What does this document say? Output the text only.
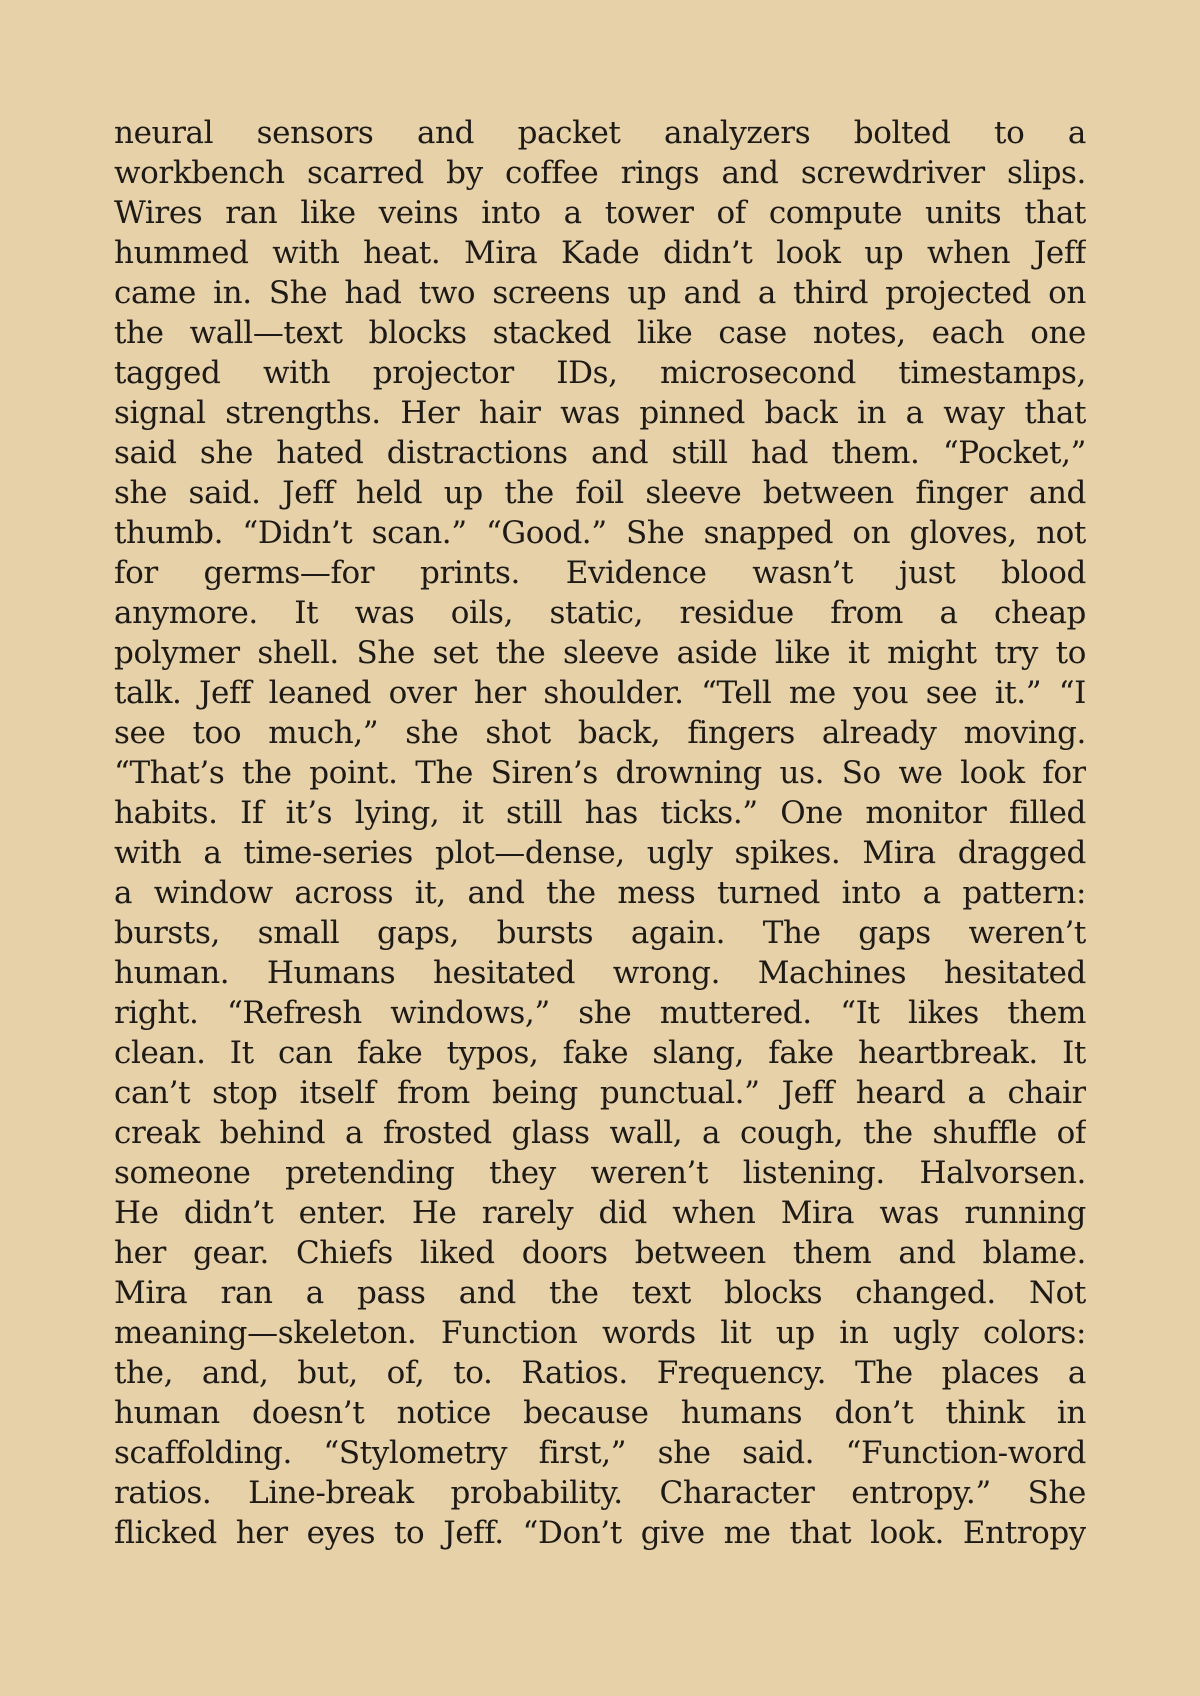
neural sensors and packet analyzers bolted to a
workbench scarred by coffee rings and screwdriver slips.
Wires ran like veins into a tower of compute units that
hummed with heat. Mira Kade didn’t look up when Jeff
came in. She had two screens up and a third projected on
the wall—text blocks stacked like case notes, each one
tagged with projector IDs, microsecond timestamps,
signal strengths. Her hair was pinned back in a way that
said she hated distractions and still had them. “Pocket,”
she said. Jeff held up the foil sleeve between finger and
thumb. “Didn’t scan.” “Good.” She snapped on gloves, not
for germs—for prints. Evidence wasn’t just blood
anymore. It was oils, static, residue from a cheap
polymer shell. She set the sleeve aside like it might try to
talk. Jeff leaned over her shoulder. “Tell me you see it.” “I
see too much,” she shot back, fingers already moving.
“That’s the point. The Siren’s drowning us. So we look for
habits. If it’s lying, it still has ticks.” One monitor filled
with a time-series plot—dense, ugly spikes. Mira dragged
a window across it, and the mess turned into a pattern:
bursts, small gaps, bursts again. The gaps weren’t
human. Humans hesitated wrong. Machines hesitated
right. “Refresh windows,” she muttered. “It likes them
clean. It can fake typos, fake slang, fake heartbreak. It
can’t stop itself from being punctual.” Jeff heard a chair
creak behind a frosted glass wall, a cough, the shuffle of
someone pretending they weren’t listening. Halvorsen.
He didn’t enter. He rarely did when Mira was running
her gear. Chiefs liked doors between them and blame.
Mira ran a pass and the text blocks changed. Not
meaning—skeleton. Function words lit up in ugly colors:
the, and, but, of, to. Ratios. Frequency. The places a
human doesn’t notice because humans don’t think in
scaffolding. “Stylometry first,” she said. “Function-word
ratios. Line-break probability. Character entropy.” She
flicked her eyes to Jeff. “Don’t give me that look. Entropy
